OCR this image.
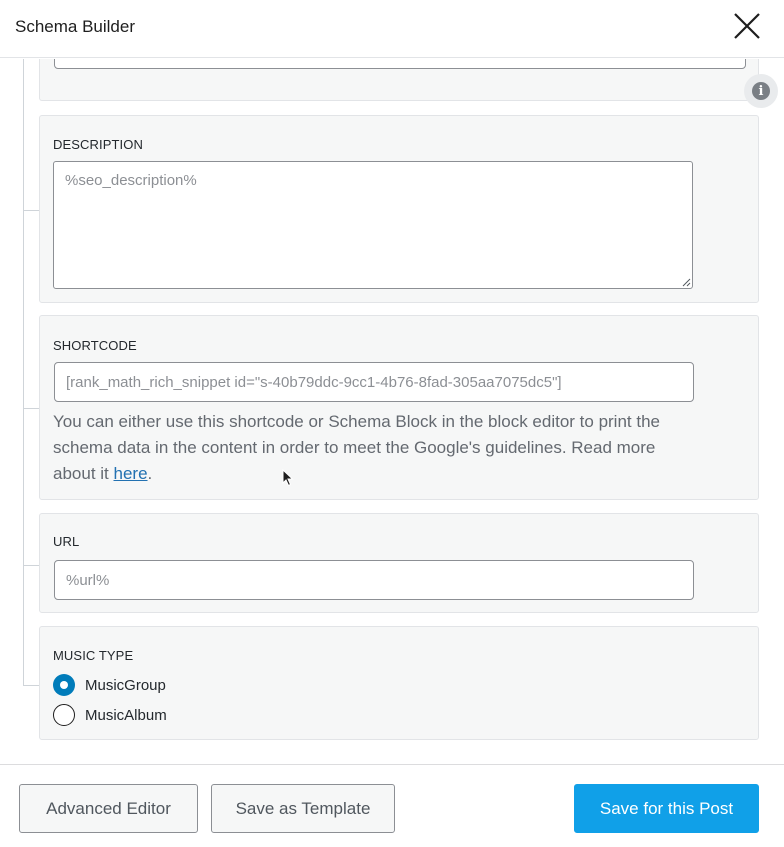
Schema Builder
%seo_title%
i
DESCRIPTION
%seo_description%
SHORTCODE
[rank_math_rich_snippet id="s-40b79ddc-9cc1-4b76-8fad-305aa7075dc5"]
You can either use this shortcode or Schema Block in the block editor to print the schema data in the content in order to meet the Google's guidelines. Read more about it here.
URL
%url%
MUSIC TYPE
MusicGroup
MusicAlbum
Advanced Editor	Save as Template	Save for this Post
